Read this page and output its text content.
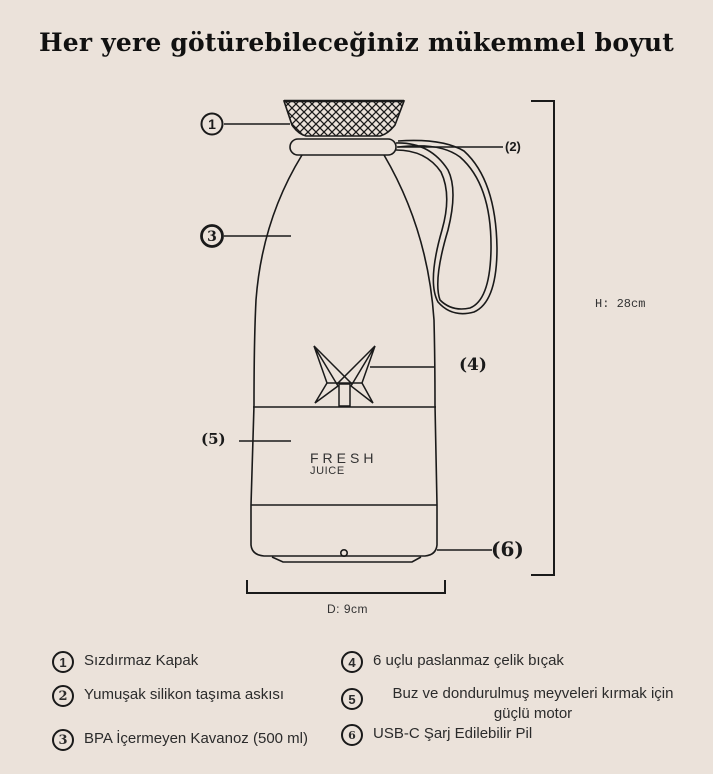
Her yere götürebileceğiniz mükemmel boyut
1
3
(2)
(4)
(5)
(6)
FRESH
JUICE
H: 28cm
D: 9cm
1	Sızdırmaz Kapak
2	Yumuşak silikon taşıma askısı
3	BPA İçermeyen Kavanoz (500 ml)
4	6 uçlu paslanmaz çelik bıçak
5	Buz ve dondurulmuş meyveleri kırmak için güçlü motor
6	USB-C Şarj Edilebilir Pil
